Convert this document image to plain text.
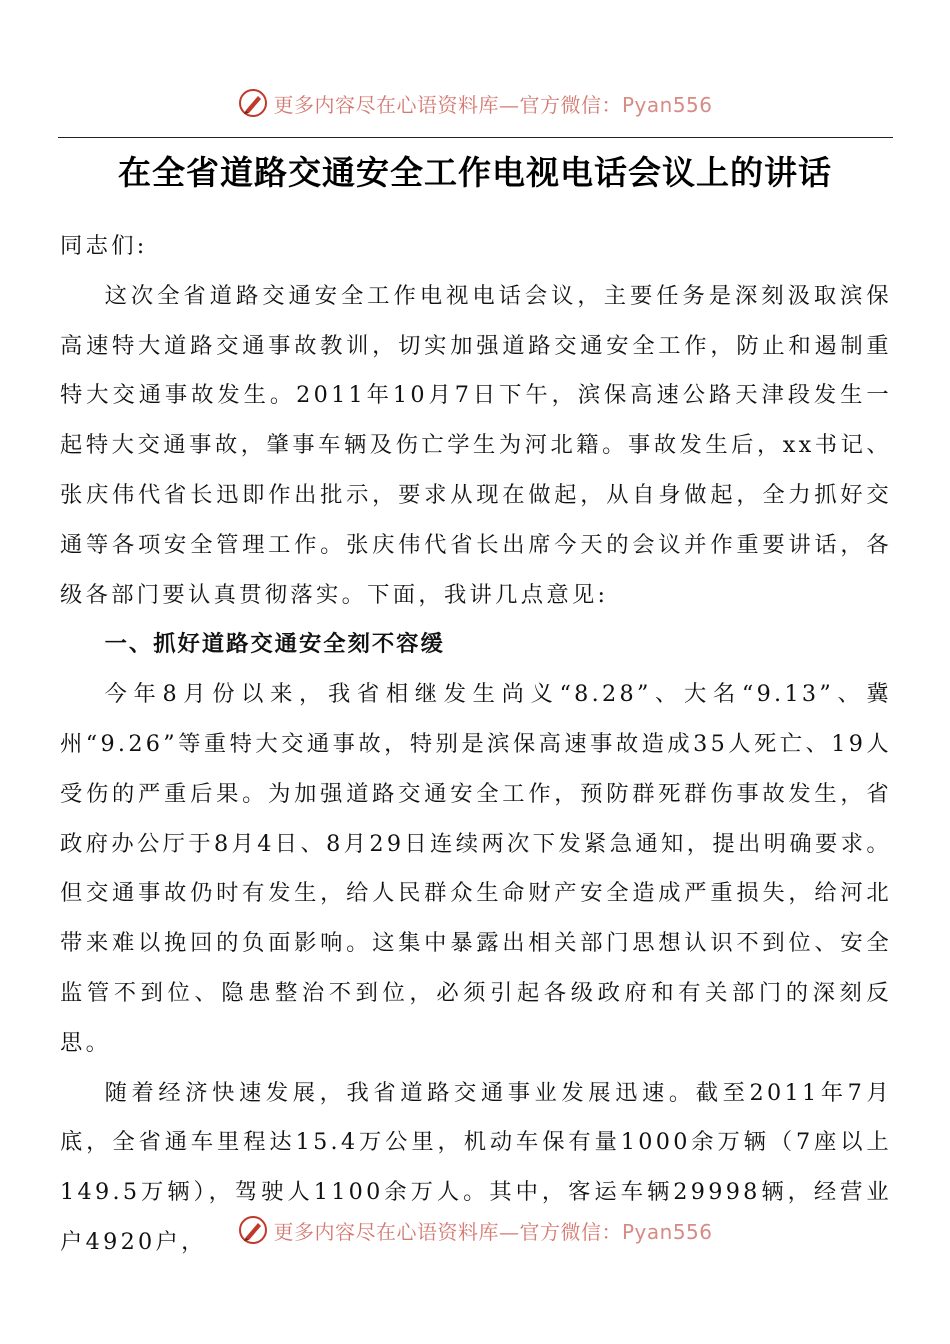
更多内容尽在心语资料库—官方微信：Pyan556
在全省道路交通安全工作电视电话会议上的讲话

同志们:

这次全省道路交通安全工作电视电话会议，主要任务是深刻汲取滨保高速特大道路交通事故教训，切实加强道路交通安全工作，防止和遏制重特大交通事故发生。2011年10月7日下午，滨保高速公路天津段发生一起特大交通事故，肇事车辆及伤亡学生为河北籍。事故发生后，xx书记、张庆伟代省长迅即作出批示，要求从现在做起，从自身做起，全力抓好交通等各项安全管理工作。张庆伟代省长出席今天的会议并作重要讲话，各级各部门要认真贯彻落实。下面，我讲几点意见:

一、抓好道路交通安全刻不容缓

今年8月份以来，我省相继发生尚义“8.28”、大名“9.13”、冀州“9.26”等重特大交通事故，特别是滨保高速事故造成35人死亡、19人受伤的严重后果。为加强道路交通安全工作，预防群死群伤事故发生，省政府办公厅于8月4日、8月29日连续两次下发紧急通知，提出明确要求。但交通事故仍时有发生，给人民群众生命财产安全造成严重损失，给河北带来难以挽回的负面影响。这集中暴露出相关部门思想认识不到位、安全监管不到位、隐患整治不到位，必须引起各级政府和有关部门的深刻反思。

随着经济快速发展，我省道路交通事业发展迅速。截至2011年7月底，全省通车里程达15.4万公里，机动车保有量1000余万辆（7座以上149.5万辆），驾驶人1100余万人。其中，客运车辆29998辆，经营业户4920户，	更多内容尽在心语资料库—官方微信：Pyan556
